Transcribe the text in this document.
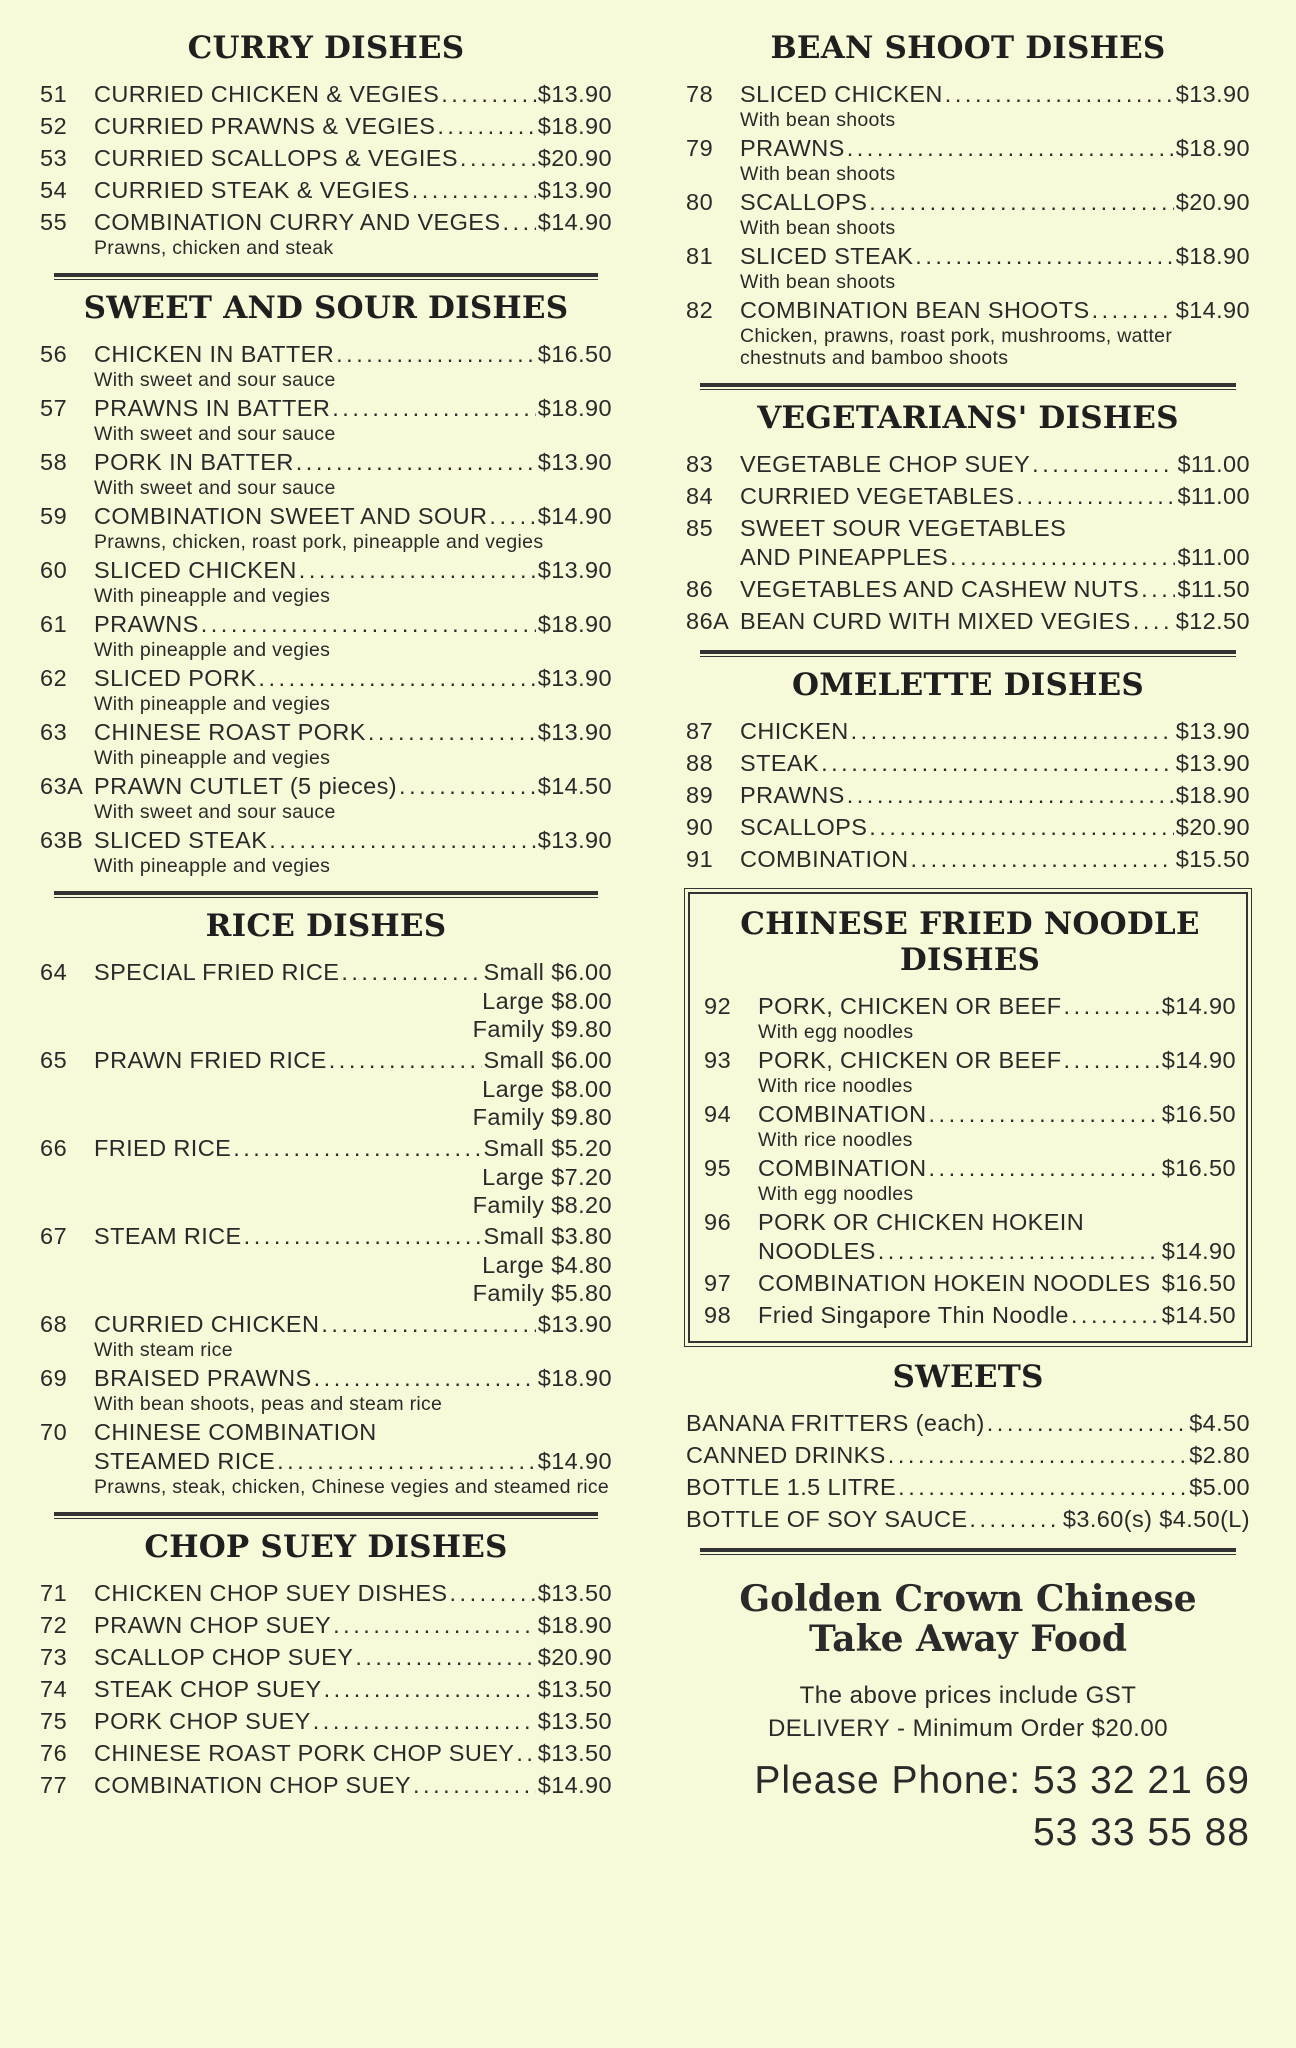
CURRY DISHES
51	CURRIED CHICKEN & VEGIES . . .	$13.90
52	CURRIED PRAWNS & VEGIES . . .	$18.90
53	CURRIED SCALLOPS & VEGIES . . .	$20.90
54	CURRIED STEAK & VEGIES . . .	$13.90
55	COMBINATION CURRY AND VEGES . . . $14.90
Prawns, chicken and steak
SWEET AND SOUR DISHES
56	CHICKEN IN BATTER . . .	$16.50
With sweet and sour sauce
57	PRAWNS IN BATTER . . .	$18.90
With sweet and sour sauce
58	PORK IN BATTER . . .	$13.90
With sweet and sour sauce
59	COMBINATION SWEET AND SOUR . . . $14.90
Prawns, chicken, roast pork, pineapple and vegies
60	SLICED CHICKEN . . .	$13.90
With pineapple and vegies
61	PRAWNS . . .	$18.90
With pineapple and vegies
62	SLICED PORK . . .	$13.90
With pineapple and vegies
63	CHINESE ROAST PORK . . .	$13.90
With pineapple and vegies
63A PRAWN CUTLET (5 pieces) . . .	$14.50
With sweet and sour sauce
63B SLICED STEAK . . .	$13.90
With pineapple and vegies
RICE DISHES
64	SPECIAL FRIED RICE . . .	Small $6.00
Large $8.00
Family $9.80
65	PRAWN FRIED RICE . . .	Small $6.00
Large $8.00
Family $9.80
66	FRIED RICE . . .	Small $5.20
Large $7.20
Family $8.20
67	STEAM RICE . . .	Small $3.80
Large $4.80
Family $5.80
68	CURRIED CHICKEN . . .	$13.90
With steam rice
69	BRAISED PRAWNS . . .	$18.90
With bean shoots, peas and steam rice
70	CHINESE COMBINATION
STEAMED RICE . . .	$14.90
Prawns, steak, chicken, Chinese vegies and steamed rice
CHOP SUEY DISHES
71	CHICKEN CHOP SUEY DISHES . . .	$13.50
72	PRAWN CHOP SUEY . . .	$18.90
73	SCALLOP CHOP SUEY . . .	$20.90
74	STEAK CHOP SUEY . . .	$13.50
75	PORK CHOP SUEY . . .	$13.50
76	CHINESE ROAST PORK CHOP SUEY . . . $13.50
77	COMBINATION CHOP SUEY . . .	$14.90
BEAN SHOOT DISHES
78	SLICED CHICKEN . . .	$13.90
With bean shoots
79	PRAWNS . . .	$18.90
With bean shoots
80	SCALLOPS . . .	$20.90
With bean shoots
81	SLICED STEAK . . .	$18.90
With bean shoots
82	COMBINATION BEAN SHOOTS . . .	$14.90
Chicken, prawns, roast pork, mushrooms, watter chestnuts and bamboo shoots
VEGETARIANS' DISHES
83	VEGETABLE CHOP SUEY . . .	$11.00
84	CURRIED VEGETABLES . . .	$11.00
85	SWEET SOUR VEGETABLES
AND PINEAPPLES . . .	$11.00
86	VEGETABLES AND CASHEW NUTS . . . $11.50
86A BEAN CURD WITH MIXED VEGIES . . . $12.50
OMELETTE DISHES
87	CHICKEN . . .	$13.90
88	STEAK . . .	$13.90
89	PRAWNS . . .	$18.90
90	SCALLOPS . . .	$20.90
91	COMBINATION . . .	$15.50
CHINESE FRIED NOODLE DISHES
92	PORK, CHICKEN OR BEEF . . .	$14.90
With egg noodles
93	PORK, CHICKEN OR BEEF . . .	$14.90
With rice noodles
94	COMBINATION . . .	$16.50
With rice noodles
95	COMBINATION . . .	$16.50
With egg noodles
96	PORK OR CHICKEN HOKEIN
NOODLES . . .	$14.90
97	COMBINATION HOKEIN NOODLES $16.50
98	Fried Singapore Thin Noodle . . .	$14.50
SWEETS
BANANA FRITTERS (each) . . .	$4.50
CANNED DRINKS . . .	$2.80
BOTTLE 1.5 LITRE . . .	$5.00
BOTTLE OF SOY SAUCE . . .	$3.60(s) $4.50(L)
Golden Crown Chinese
Take Away Food
The above prices include GST
DELIVERY - Minimum Order $20.00
Please Phone:
53 32 21 69
53 33 55 88
